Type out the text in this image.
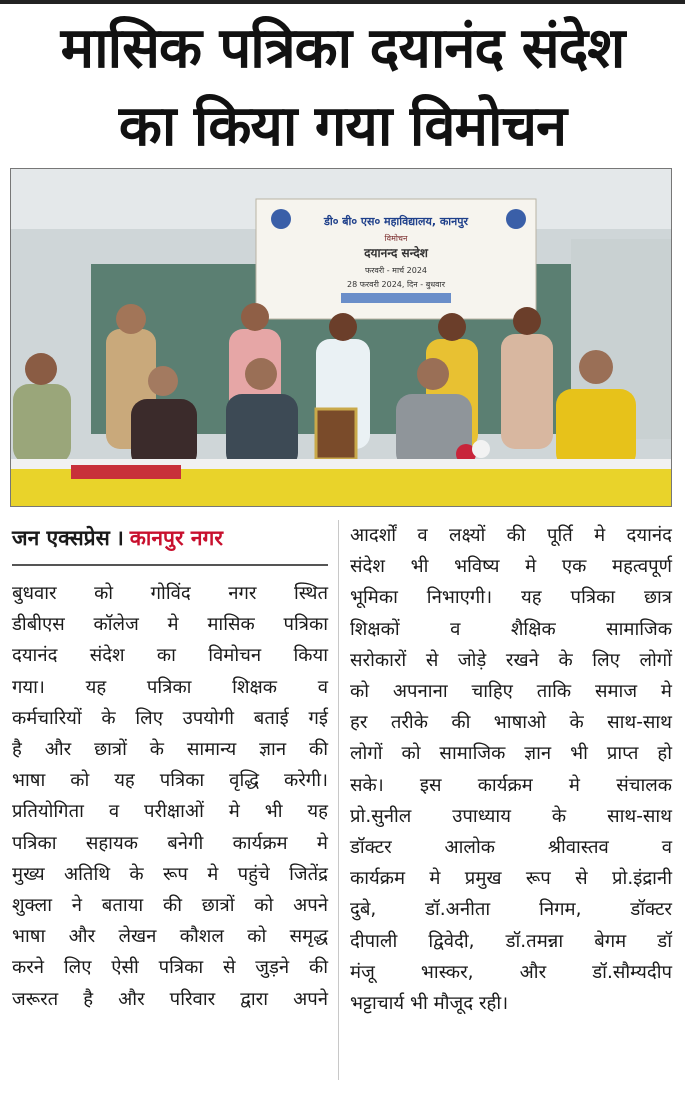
मासिक पत्रिका दयानंद संदेश
का किया गया विमोचन
डी० बी० एस० महाविद्यालय, कानपुर
विमोचन
दयानन्द सन्देश
फरवरी - मार्च 2024
28 फरवरी 2024, दिन - बुधवार
जन एक्सप्रेस । कानपुर नगर

बुधवार को गोविंद नगर स्थित

डीबीएस कॉलेज मे मासिक पत्रिका

दयानंद संदेश का विमोचन किया

गया। यह पत्रिका शिक्षक व

कर्मचारियों के लिए उपयोगी बताई गई

है और छात्रों के सामान्य ज्ञान की

भाषा को यह पत्रिका वृद्धि करेगी।

प्रतियोगिता व परीक्षाओं मे भी यह

पत्रिका सहायक बनेगी कार्यक्रम मे

मुख्य अतिथि के रूप मे पहुंचे जितेंद्र

शुक्ला ने बताया की छात्रों को अपने

भाषा और लेखन कौशल को समृद्ध

करने लिए ऐसी पत्रिका से जुड़ने की

जरूरत है और परिवार द्वारा अपने

आदर्शों व लक्ष्यों की पूर्ति मे दयानंद

संदेश भी भविष्य मे एक महत्वपूर्ण

भूमिका निभाएगी। यह पत्रिका छात्र

शिक्षकों व शैक्षिक सामाजिक

सरोकारों से जोड़े रखने के लिए लोगों

को अपनाना चाहिए ताकि समाज मे

हर तरीके की भाषाओ के साथ-साथ

लोगों को सामाजिक ज्ञान भी प्राप्त हो

सके। इस कार्यक्रम मे संचालक

प्रो.सुनील उपाध्याय के साथ-साथ

डॉक्टर आलोक श्रीवास्तव व

कार्यक्रम मे प्रमुख रूप से प्रो.इंद्रानी

दुबे, डॉ.अनीता निगम, डॉक्टर

दीपाली द्विवेदी, डॉ.तमन्ना बेगम डॉ

मंजू भास्कर, और डॉ.सौम्यदीप

भट्टाचार्य भी मौजूद रही।
